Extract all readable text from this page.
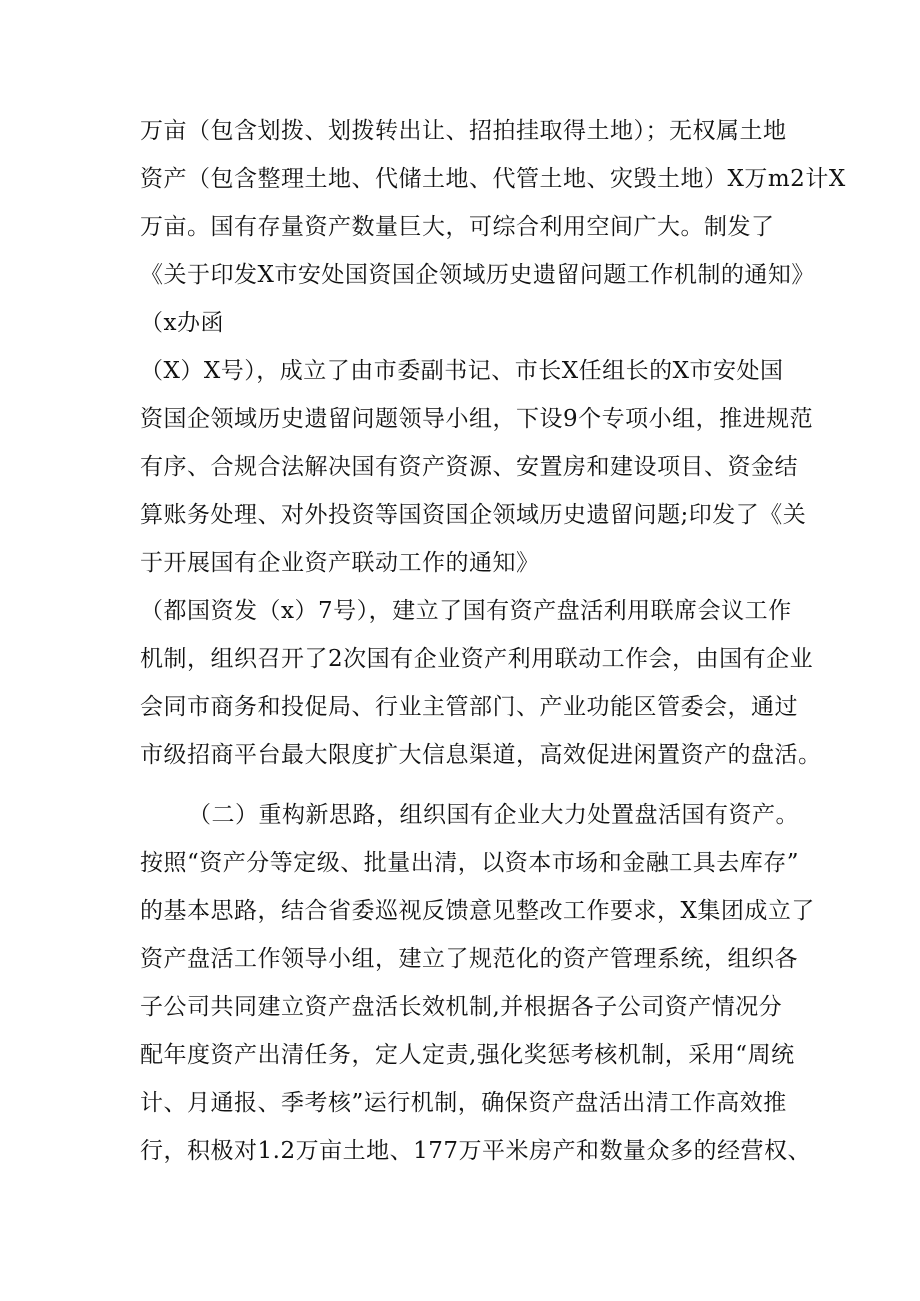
万亩（包含划拨、划拨转出让、招拍挂取得土地）；无权属土地
资产（包含整理土地、代储土地、代管土地、灾毁土地）X万m2计X
万亩。国有存量资产数量巨大，可综合利用空间广大。制发了
《关于印发X市安处国资国企领域历史遗留问题工作机制的通知》
（x办函
（X）X号），成立了由市委副书记、市长X任组长的X市安处国
资国企领域历史遗留问题领导小组，下设9个专项小组，推进规范
有序、合规合法解决国有资产资源、安置房和建设项目、资金结
算账务处理、对外投资等国资国企领域历史遗留问题;印发了《关
于开展国有企业资产联动工作的通知》
（都国资发（x）7号），建立了国有资产盘活利用联席会议工作
机制，组织召开了2次国有企业资产利用联动工作会，由国有企业
会同市商务和投促局、行业主管部门、产业功能区管委会，通过
市级招商平台最大限度扩大信息渠道，高效促进闲置资产的盘活。
（二）重构新思路，组织国有企业大力处置盘活国有资产。
按照“资产分等定级、批量出清，以资本市场和金融工具去库存”
的基本思路，结合省委巡视反馈意见整改工作要求，X集团成立了
资产盘活工作领导小组，建立了规范化的资产管理系统，组织各
子公司共同建立资产盘活长效机制,并根据各子公司资产情况分
配年度资产出清任务，定人定责,强化奖惩考核机制，采用“周统
计、月通报、季考核”运行机制，确保资产盘活出清工作高效推
行，积极对1.2万亩土地、177万平米房产和数量众多的经营权、
